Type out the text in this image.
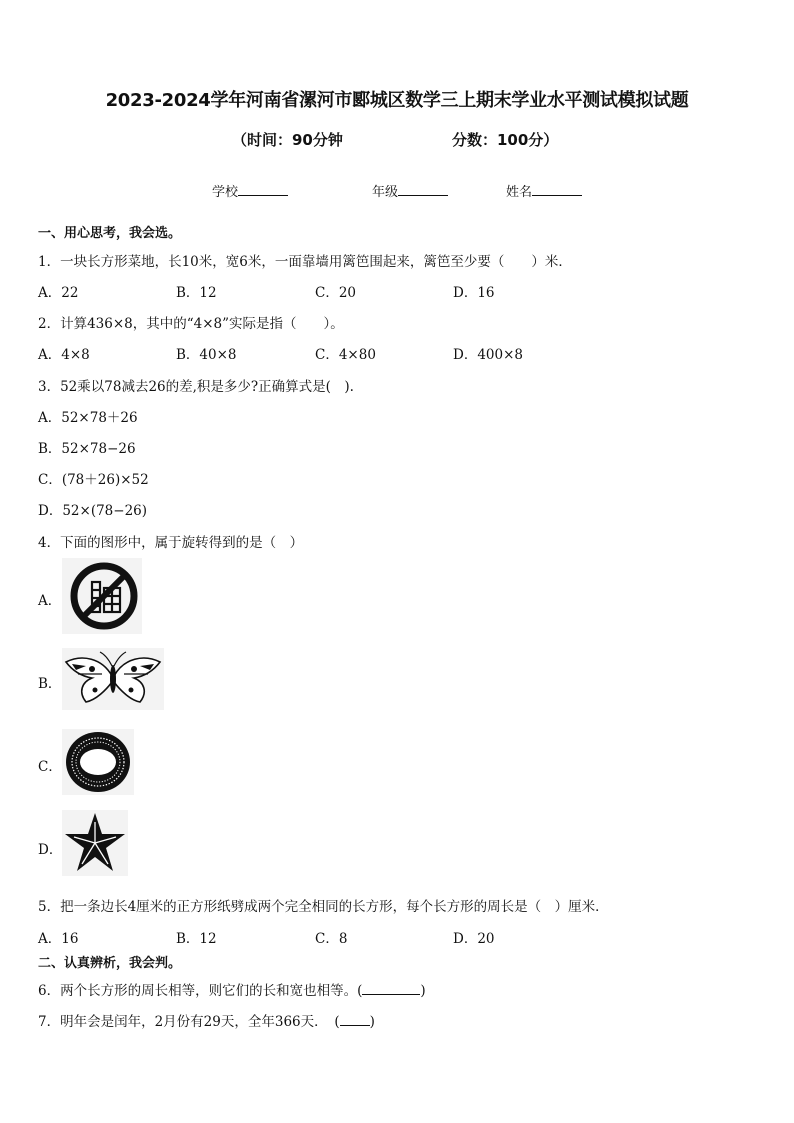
2023-2024学年河南省漯河市郾城区数学三上期末学业水平测试模拟试题
（时间：90分钟	分数：100分）
学校	年级	姓名
一、用心思考，我会选。
1．一块长方形菜地，长10米，宽6米，一面靠墙用篱笆围起来，篱笆至少要（　　）米．
A．22	B．12	C．20	D．16
2．计算436×8，其中的“4×8”实际是指（　　）。
A．4×8	B．40×8	C．4×80	D．400×8
3．52乘以78减去26的差,积是多少?正确算式是(　).
A．52×78＋26
B．52×78−26
C．(78＋26)×52
D．52×(78−26)
4．下面的图形中，属于旋转得到的是（　）
A．
B．
C．
D．
5．把一条边长4厘米的正方形纸劈成两个完全相同的长方形，每个长方形的周长是（　）厘米．
A．16	B．12	C．8	D．20
二、认真辨析，我会判。
6．两个长方形的周长相等，则它们的长和宽也相等。(	)
7．明年会是闰年，2月份有29天，全年366天．　( )
